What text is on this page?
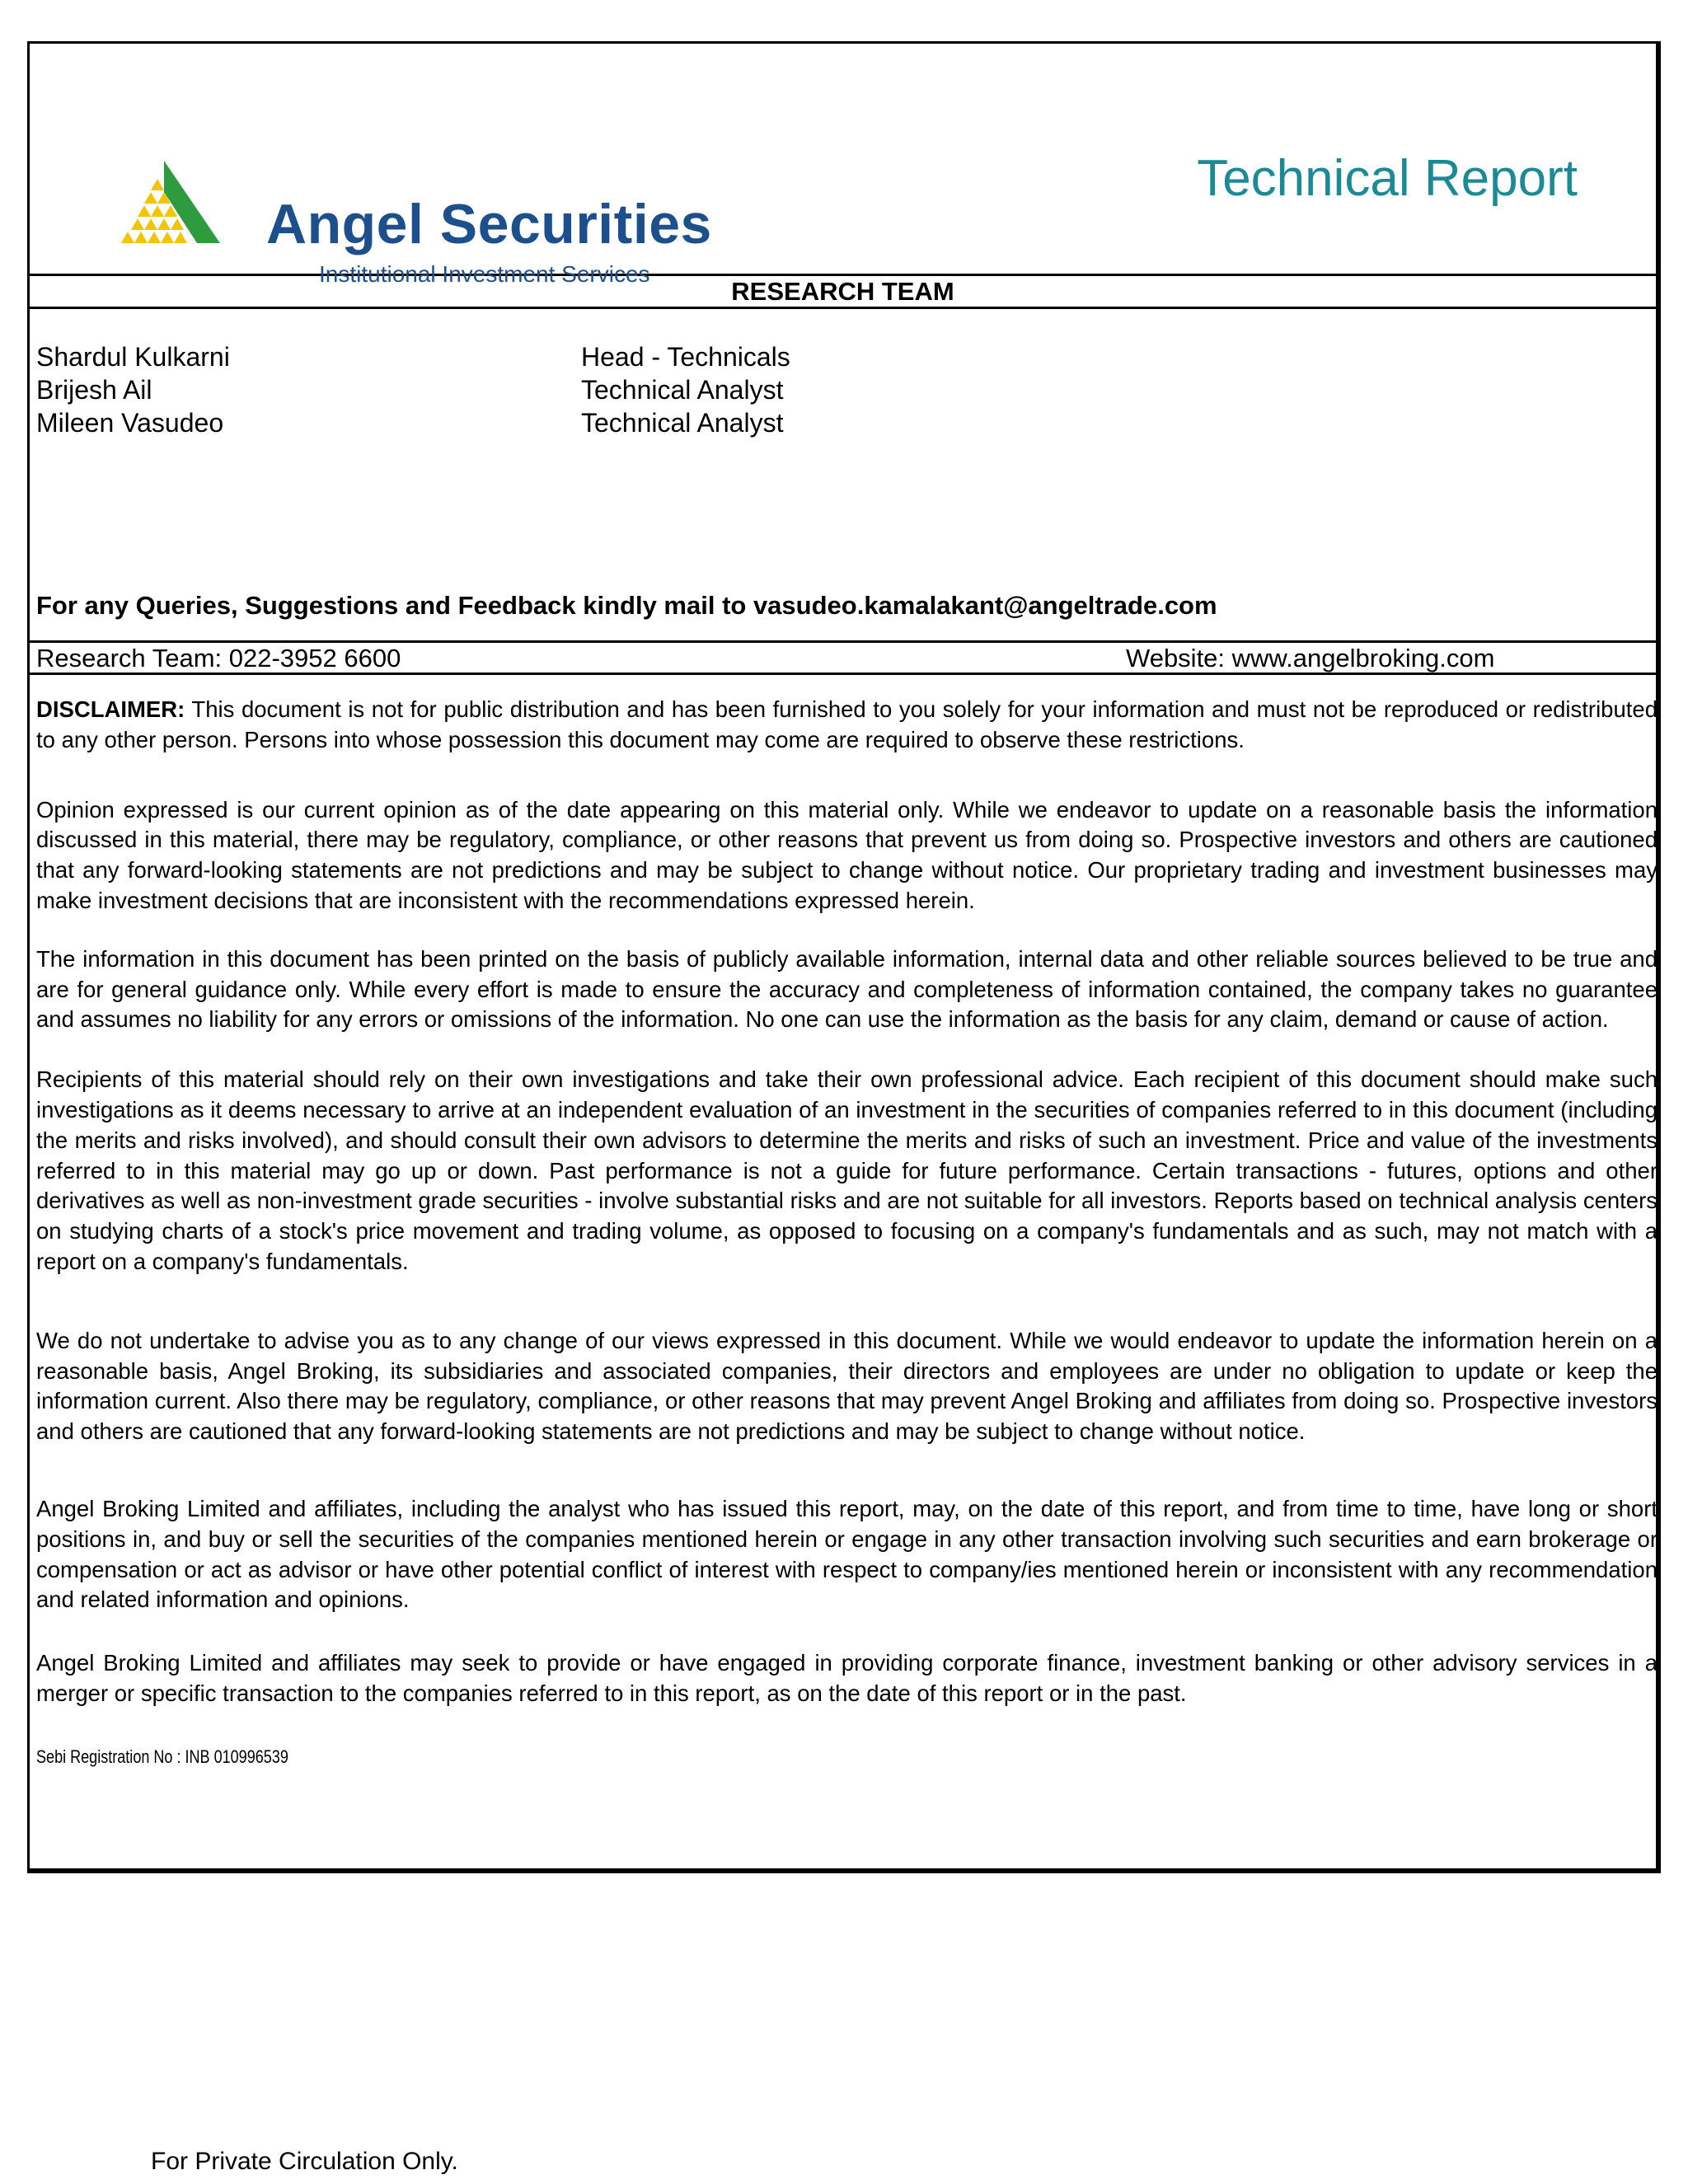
Angel Securities
Institutional Investment Services
Technical Report
RESEARCH TEAM
Shardul Kulkarni	Head - Technicals
Brijesh Ail	Technical Analyst
Mileen Vasudeo	Technical Analyst
For any Queries, Suggestions and Feedback kindly mail to vasudeo.kamalakant@angeltrade.com
Research Team: 022-3952 6600	Website: www.angelbroking.com

DISCLAIMER: This document is not for public distribution and has been furnished to you solely for your information and must not be reproduced or redistributed to any other person. Persons into whose possession this document may come are required to observe these restrictions.

Opinion expressed is our current opinion as of the date appearing on this material only. While we endeavor to update on a reasonable basis the information discussed in this material, there may be regulatory, compliance, or other reasons that prevent us from doing so. Prospective investors and others are cautioned that any forward-looking statements are not predictions and may be subject to change without notice. Our proprietary trading and investment businesses may make investment decisions that are inconsistent with the recommendations expressed herein.

The information in this document has been printed on the basis of publicly available information, internal data and other reliable sources believed to be true and are for general guidance only. While every effort is made to ensure the accuracy and completeness of information contained, the company takes no guarantee and assumes no liability for any errors or omissions of the information. No one can use the information as the basis for any claim, demand or cause of action.

Recipients of this material should rely on their own investigations and take their own professional advice. Each recipient of this document should make such investigations as it deems necessary to arrive at an independent evaluation of an investment in the securities of companies referred to in this document (including the merits and risks involved), and should consult their own advisors to determine the merits and risks of such an investment. Price and value of the investments referred to in this material may go up or down. Past performance is not a guide for future performance. Certain transactions - futures, options and other derivatives as well as non-investment grade securities - involve substantial risks and are not suitable for all investors. Reports based on technical analysis centers on studying charts of a stock's price movement and trading volume, as opposed to focusing on a company's fundamentals and as such, may not match with a report on a company's fundamentals.

We do not undertake to advise you as to any change of our views expressed in this document. While we would endeavor to update the information herein on a reasonable basis, Angel Broking, its subsidiaries and associated companies, their directors and employees are under no obligation to update or keep the information current. Also there may be regulatory, compliance, or other reasons that may prevent Angel Broking and affiliates from doing so. Prospective investors and others are cautioned that any forward-looking statements are not predictions and may be subject to change without notice.

Angel Broking Limited and affiliates, including the analyst who has issued this report, may, on the date of this report, and from time to time, have long or short positions in, and buy or sell the securities of the companies mentioned herein or engage in any other transaction involving such securities and earn brokerage or compensation or act as advisor or have other potential conflict of interest with respect to company/ies mentioned herein or inconsistent with any recommendation and related information and opinions.

Angel Broking Limited and affiliates may seek to provide or have engaged in providing corporate finance, investment banking or other advisory services in a merger or specific transaction to the companies referred to in this report, as on the date of this report or in the past.

Sebi Registration No : INB 010996539

For Private Circulation Only.
